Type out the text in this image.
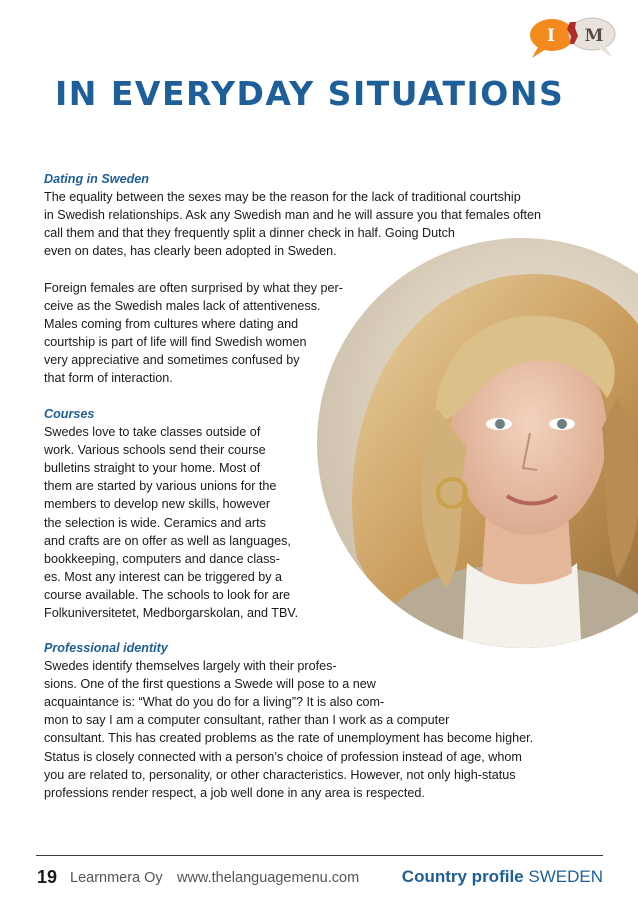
I M
IN EVERYDAY SITUATIONS
Dating in Sweden
The equality between the sexes may be the reason for the lack of traditional courtship
in Swedish relationships. Ask any Swedish man and he will assure you that females often
call them and that they frequently split a dinner check in half. Going Dutch
even on dates, has clearly been adopted in Sweden.
Foreign females are often surprised by what they per-
ceive as the Swedish males lack of attentiveness.
Males coming from cultures where dating and
courtship is part of life will find Swedish women
very appreciative and sometimes confused by
that form of interaction.
Courses
Swedes love to take classes outside of
work. Various schools send their course
bulletins straight to your home. Most of
them are started by various unions for the
members to develop new skills, however
the selection is wide. Ceramics and arts
and crafts are on offer as well as languages,
bookkeeping, computers and dance class-
es. Most any interest can be triggered by a
course available. The schools to look for are
Folkuniversitetet, Medborgarskolan, and TBV.
Professional identity
Swedes identify themselves largely with their profes-
sions. One of the first questions a Swede will pose to a new
acquaintance is: “What do you do for a living”? It is also com-
mon to say I am a computer consultant, rather than I work as a computer
consultant. This has created problems as the rate of unemployment has become higher.
Status is closely connected with a person’s choice of profession instead of age, whom
you are related to, personality, or other characteristics. However, not only high-status
professions render respect, a job well done in any area is respected.
19 Learnmera Oy www.thelanguagemenu.com	Country profile SWEDEN
